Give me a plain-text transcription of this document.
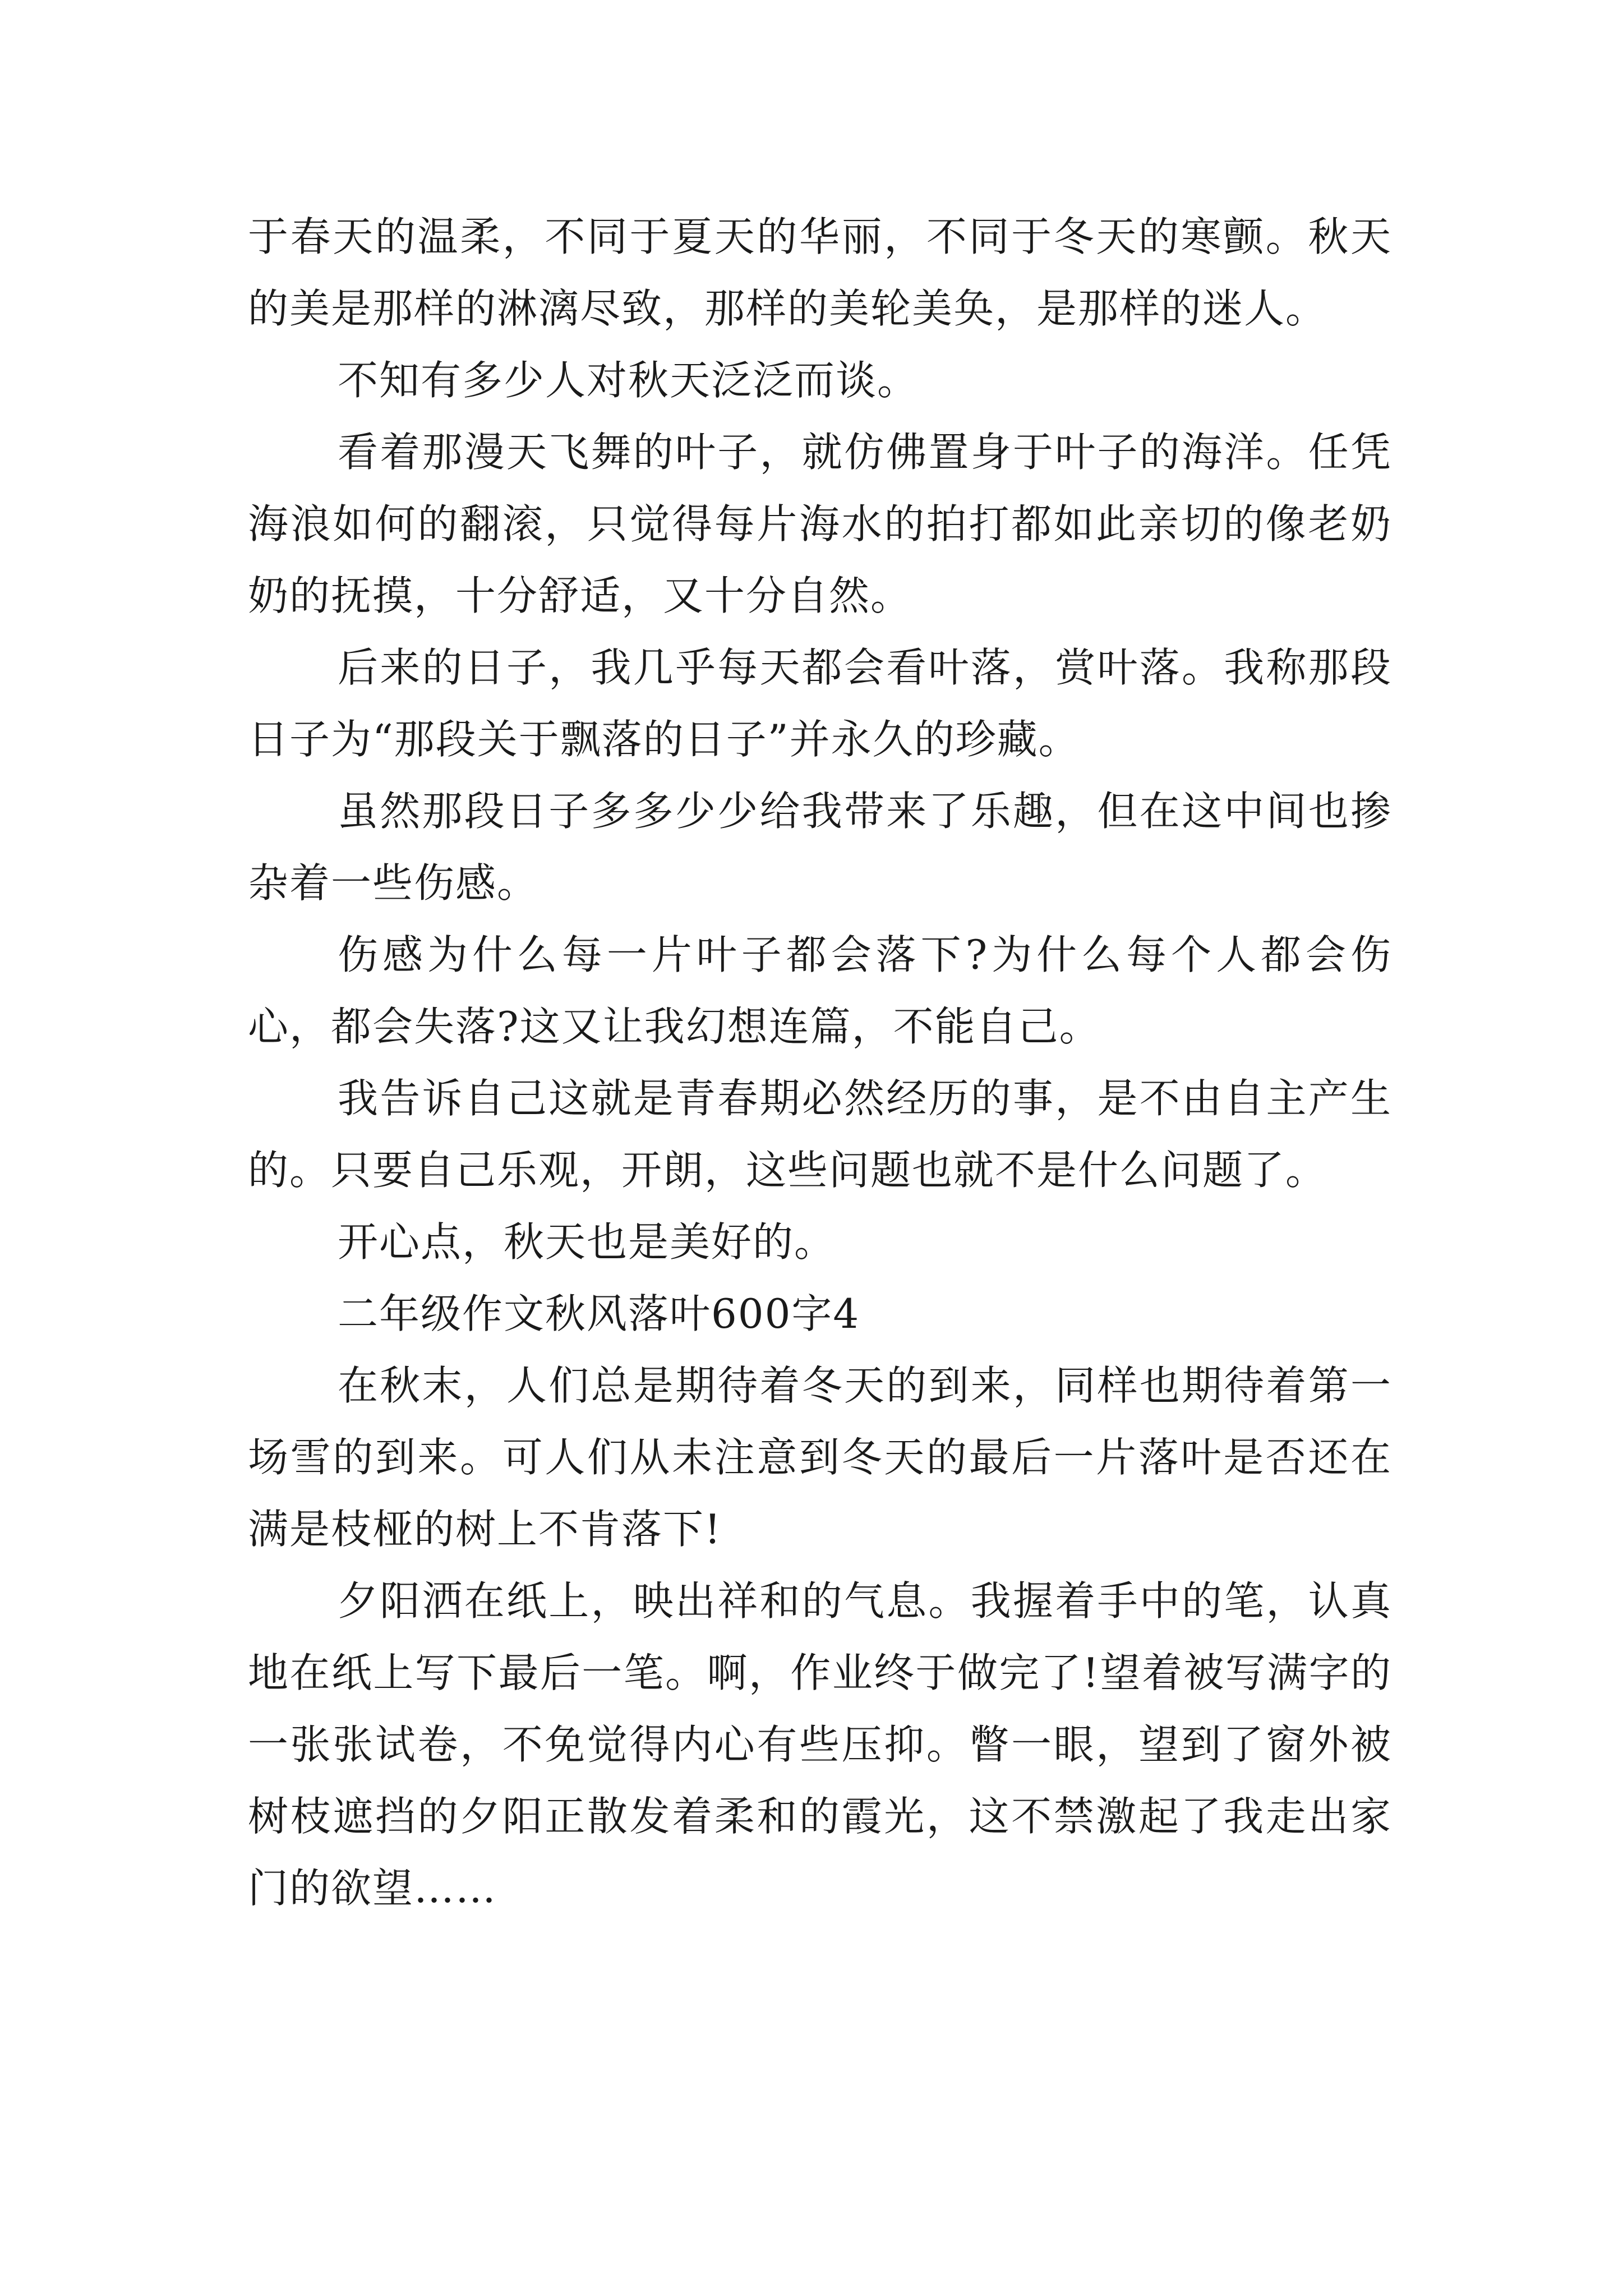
于春天的温柔，不同于夏天的华丽，不同于冬天的寒颤。秋天的美是那样的淋漓尽致，那样的美轮美奂，是那样的迷人。

不知有多少人对秋天泛泛而谈。

看着那漫天飞舞的叶子，就仿佛置身于叶子的海洋。任凭海浪如何的翻滚，只觉得每片海水的拍打都如此亲切的像老奶奶的抚摸，十分舒适，又十分自然。

后来的日子，我几乎每天都会看叶落，赏叶落。我称那段日子为“那段关于飘落的日子”并永久的珍藏。

虽然那段日子多多少少给我带来了乐趣，但在这中间也掺杂着一些伤感。

伤感为什么每一片叶子都会落下?为什么每个人都会伤心，都会失落?这又让我幻想连篇，不能自己。

我告诉自己这就是青春期必然经历的事，是不由自主产生的。只要自己乐观，开朗，这些问题也就不是什么问题了。

开心点，秋天也是美好的。

二年级作文秋风落叶600字4

在秋末，人们总是期待着冬天的到来，同样也期待着第一场雪的到来。可人们从未注意到冬天的最后一片落叶是否还在满是枝桠的树上不肯落下!

夕阳洒在纸上，映出祥和的气息。我握着手中的笔，认真地在纸上写下最后一笔。啊，作业终于做完了!望着被写满字的一张张试卷，不免觉得内心有些压抑。瞥一眼，望到了窗外被树枝遮挡的夕阳正散发着柔和的霞光，这不禁激起了我走出家门的欲望……
